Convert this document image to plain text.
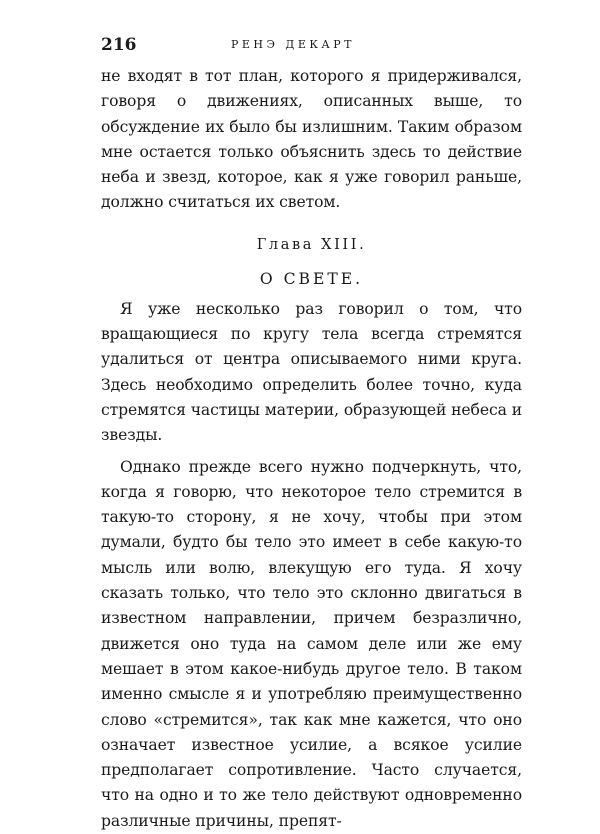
216	РЕНЭ ДЕКАРТ

не входят в тот план, которого я придерживался, говоря о движениях, описанных выше, то обсуждение их было бы излишним. Таким образом мне остается только объяснить здесь то действие неба и звезд, которое, как я уже говорил раньше, должно считаться их светом.

Глава XIII.
О СВЕТЕ.

Я уже несколько раз говорил о том, что вращающиеся по кругу тела всегда стремятся удалиться от центра описываемого ними круга. Здесь необходимо определить более точно, куда стремятся частицы материи, образующей небеса и звезды.

Однако прежде всего нужно подчеркнуть, что, когда я говорю, что некоторое тело стремится в такую-то сторону, я не хочу, чтобы при этом думали, будто бы тело это имеет в себе какую-то мысль или волю, влекущую его туда. Я хочу сказать только, что тело это склонно двигаться в известном направлении, причем безразлично, движется оно туда на самом деле или же ему мешает в этом какое-нибудь другое тело. В таком именно смысле я и употребляю преимущественно слово «стремится», так как мне кажется, что оно означает известное усилие, а всякое усилие предполагает сопротивление. Часто случается, что на одно и то же тело действуют одновременно различные причины, препят-
